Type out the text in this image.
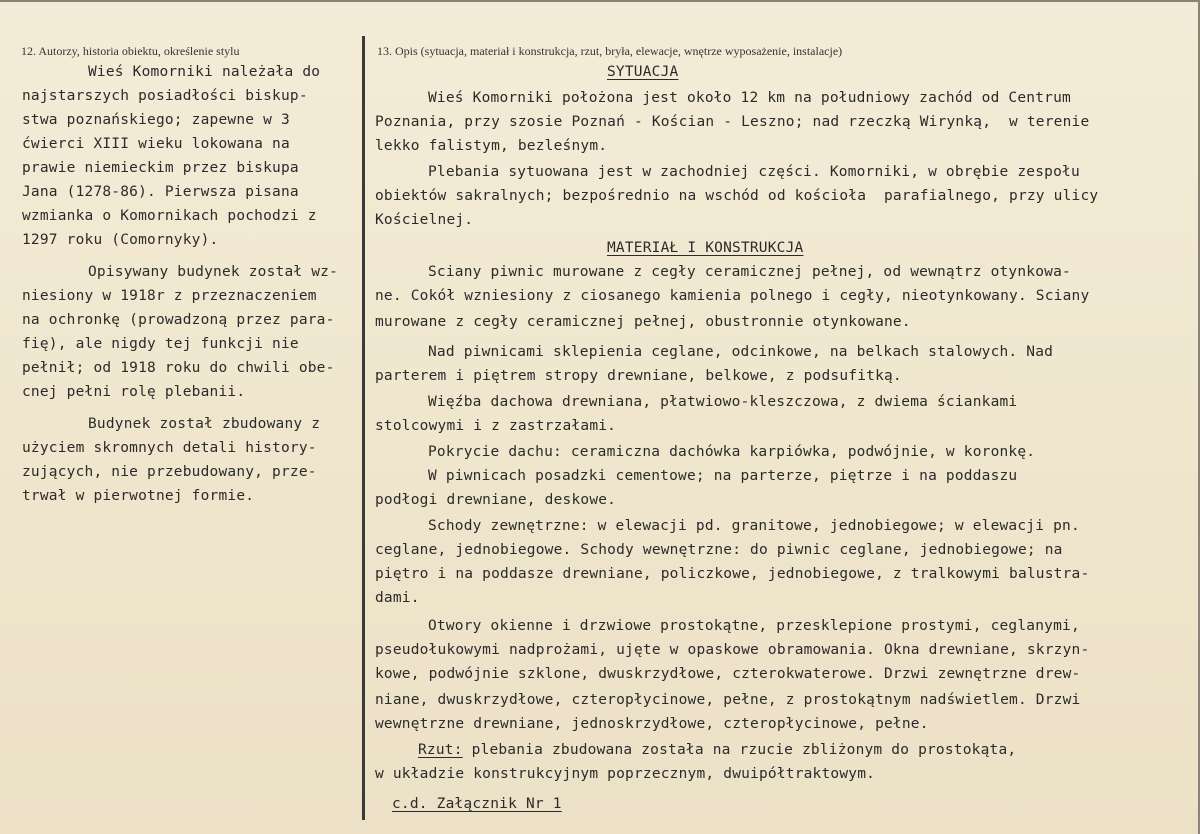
12. Autorzy, historia obiektu, określenie stylu	13. Opis (sytuacja, materiał i konstrukcja, rzut, bryła, elewacje, wnętrze wyposażenie, instalacje)

Wieś Komorniki należała do

najstarszych posiadłości biskup-

stwa poznańskiego; zapewne w 3

ćwierci XIII wieku lokowana na

prawie niemieckim przez biskupa

Jana (1278-86). Pierwsza pisana

wzmianka o Komornikach pochodzi z

1297 roku (Comornyky).

Opisywany budynek został wz-

niesiony w 1918r z przeznaczeniem

na ochronkę (prowadzoną przez para-

fię), ale nigdy tej funkcji nie

pełnił; od 1918 roku do chwili obe-

cnej pełni rolę plebanii.

Budynek został zbudowany z

użyciem skromnych detali history-

zujących, nie przebudowany, prze-

trwał w pierwotnej formie.

SYTUACJA

Wieś Komorniki położona jest około 12 km na południowy zachód od Centrum

Poznania, przy szosie Poznań - Kościan - Leszno; nad rzeczką Wirynką,  w terenie

lekko falistym, bezleśnym.

Plebania sytuowana jest w zachodniej części. Komorniki, w obrębie zespołu

obiektów sakralnych; bezpośrednio na wschód od kościoła  parafialnego, przy ulicy

Kościelnej.

MATERIAŁ I KONSTRUKCJA

Sciany piwnic murowane z cegły ceramicznej pełnej, od wewnątrz otynkowa-

ne. Cokół wzniesiony z ciosanego kamienia polnego i cegły, nieotynkowany. Sciany

murowane z cegły ceramicznej pełnej, obustronnie otynkowane.

Nad piwnicami sklepienia ceglane, odcinkowe, na belkach stalowych. Nad

parterem i piętrem stropy drewniane, belkowe, z podsufitką.

Więźba dachowa drewniana, płatwiowo-kleszczowa, z dwiema ściankami

stolcowymi i z zastrzałami.

Pokrycie dachu: ceramiczna dachówka karpiówka, podwójnie, w koronkę.

W piwnicach posadzki cementowe; na parterze, piętrze i na poddaszu

podłogi drewniane, deskowe.

Schody zewnętrzne: w elewacji pd. granitowe, jednobiegowe; w elewacji pn.

ceglane, jednobiegowe. Schody wewnętrzne: do piwnic ceglane, jednobiegowe; na

piętro i na poddasze drewniane, policzkowe, jednobiegowe, z tralkowymi balustra-

dami.

Otwory okienne i drzwiowe prostokątne, przesklepione prostymi, ceglanymi,

pseudołukowymi nadprożami, ujęte w opaskowe obramowania. Okna drewniane, skrzyn-

kowe, podwójnie szklone, dwuskrzydłowe, czterokwaterowe. Drzwi zewnętrzne drew-

niane, dwuskrzydłowe, czteropłycinowe, pełne, z prostokątnym nadświetlem. Drzwi

wewnętrzne drewniane, jednoskrzydłowe, czteropłycinowe, pełne.

Rzut: plebania zbudowana została na rzucie zbliżonym do prostokąta,

w układzie konstrukcyjnym poprzecznym, dwuipółtraktowym.

c.d. Załącznik Nr 1
